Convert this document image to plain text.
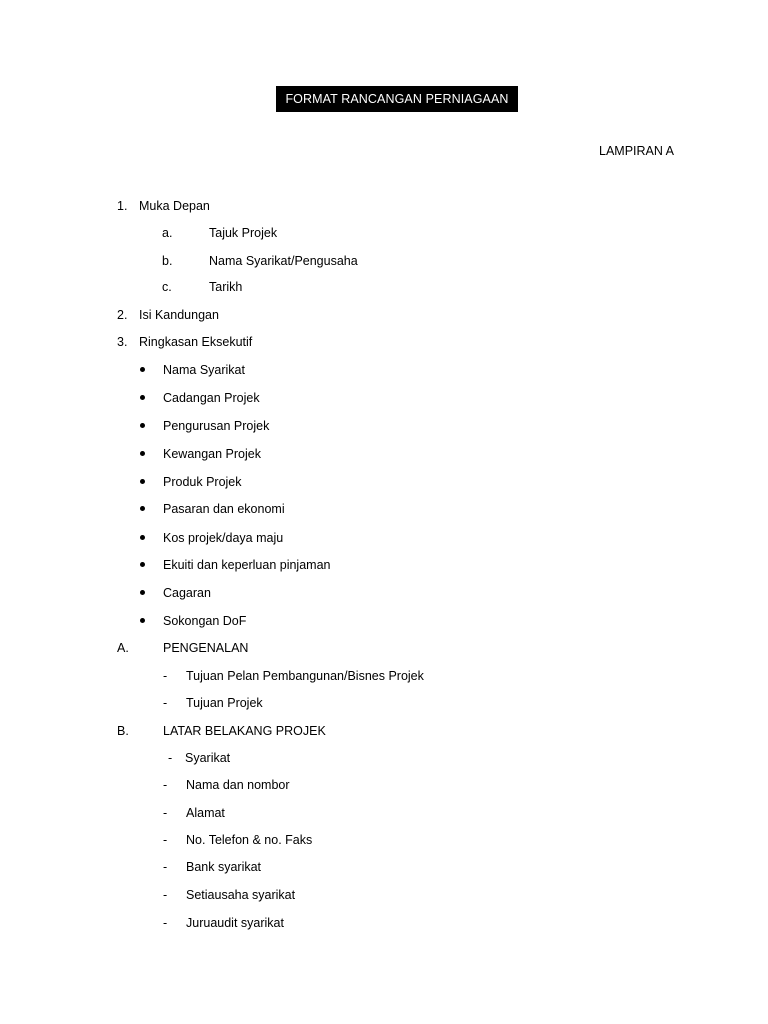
FORMAT RANCANGAN PERNIAGAAN
LAMPIRAN A
1. Muka Depan
a.	Tajuk Projek
b.	Nama Syarikat/Pengusaha
c.	Tarikh
2. Isi Kandungan
3. Ringkasan Eksekutif
Nama Syarikat
Cadangan Projek
Pengurusan Projek
Kewangan Projek
Produk Projek
Pasaran dan ekonomi
Kos projek/daya maju
Ekuiti dan keperluan pinjaman
Cagaran
Sokongan DoF
A.	PENGENALAN
- Tujuan Pelan Pembangunan/Bisnes Projek
- Tujuan Projek
B.	LATAR BELAKANG PROJEK
- Syarikat
- Nama dan nombor
- Alamat
- No. Telefon & no. Faks
- Bank syarikat
- Setiausaha syarikat
- Juruaudit syarikat
